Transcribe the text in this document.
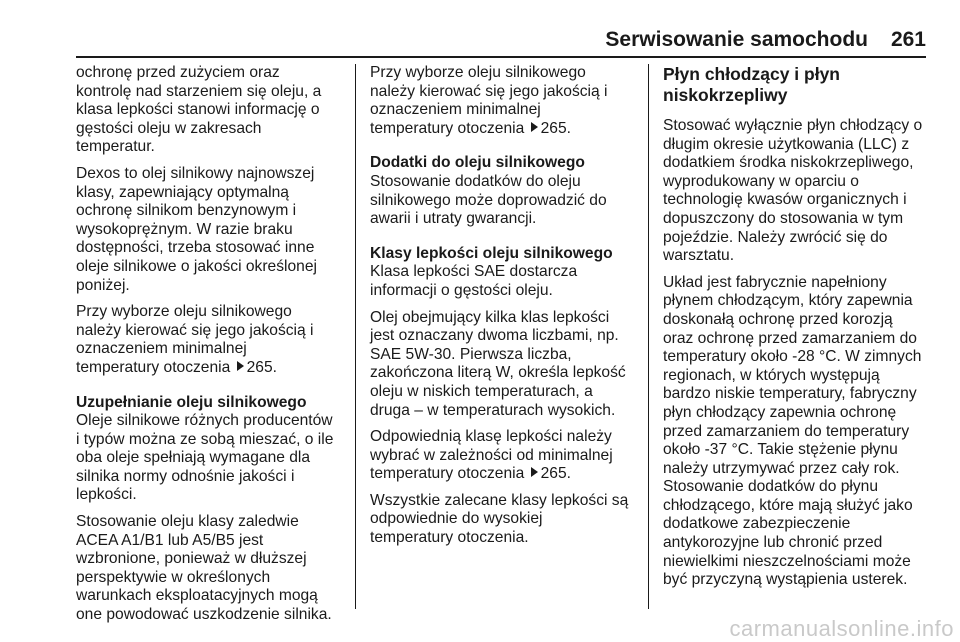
Serwisowanie samochodu 261

ochronę przed zużyciem oraz
kontrolę nad starzeniem się oleju, a
klasa lepkości stanowi informację o
gęstości oleju w zakresach
temperatur.

Dexos to olej silnikowy najnowszej
klasy, zapewniający optymalną
ochronę silnikom benzynowym i
wysokoprężnym. W razie braku
dostępności, trzeba stosować inne
oleje silnikowe o jakości określonej
poniżej.

Przy wyborze oleju silnikowego
należy kierować się jego jakością i
oznaczeniem minimalnej
temperatury otoczenia 265.

Uzupełnianie oleju silnikowego

Oleje silnikowe różnych producentów
i typów można ze sobą mieszać, o ile
oba oleje spełniają wymagane dla
silnika normy odnośnie jakości i
lepkości.

Stosowanie oleju klasy zaledwie
ACEA A1/B1 lub A5/B5 jest
wzbronione, ponieważ w dłuższej
perspektywie w określonych
warunkach eksploatacyjnych mogą
one powodować uszkodzenie silnika.

Przy wyborze oleju silnikowego
należy kierować się jego jakością i
oznaczeniem minimalnej
temperatury otoczenia 265.

Dodatki do oleju silnikowego

Stosowanie dodatków do oleju
silnikowego może doprowadzić do
awarii i utraty gwarancji.

Klasy lepkości oleju silnikowego

Klasa lepkości SAE dostarcza
informacji o gęstości oleju.

Olej obejmujący kilka klas lepkości
jest oznaczany dwoma liczbami, np.
SAE 5W-30. Pierwsza liczba,
zakończona literą W, określa lepkość
oleju w niskich temperaturach, a
druga – w temperaturach wysokich.

Odpowiednią klasę lepkości należy
wybrać w zależności od minimalnej
temperatury otoczenia 265.

Wszystkie zalecane klasy lepkości są
odpowiednie do wysokiej
temperatury otoczenia.

Płyn chłodzący i płyn
niskokrzepliwy

Stosować wyłącznie płyn chłodzący o
długim okresie użytkowania (LLC) z
dodatkiem środka niskokrzepliwego,
wyprodukowany w oparciu o
technologię kwasów organicznych i
dopuszczony do stosowania w tym
pojeździe. Należy zwrócić się do
warsztatu.

Układ jest fabrycznie napełniony
płynem chłodzącym, który zapewnia
doskonałą ochronę przed korozją
oraz ochronę przed zamarzaniem do
temperatury około -28 °C. W zimnych
regionach, w których występują
bardzo niskie temperatury, fabryczny
płyn chłodzący zapewnia ochronę
przed zamarzaniem do temperatury
około -37 °C. Takie stężenie płynu
należy utrzymywać przez cały rok.
Stosowanie dodatków do płynu
chłodzącego, które mają służyć jako
dodatkowe zabezpieczenie
antykorozyjne lub chronić przed
niewielkimi nieszczelnościami może
być przyczyną wystąpienia usterek.

carmanualsonline.info
